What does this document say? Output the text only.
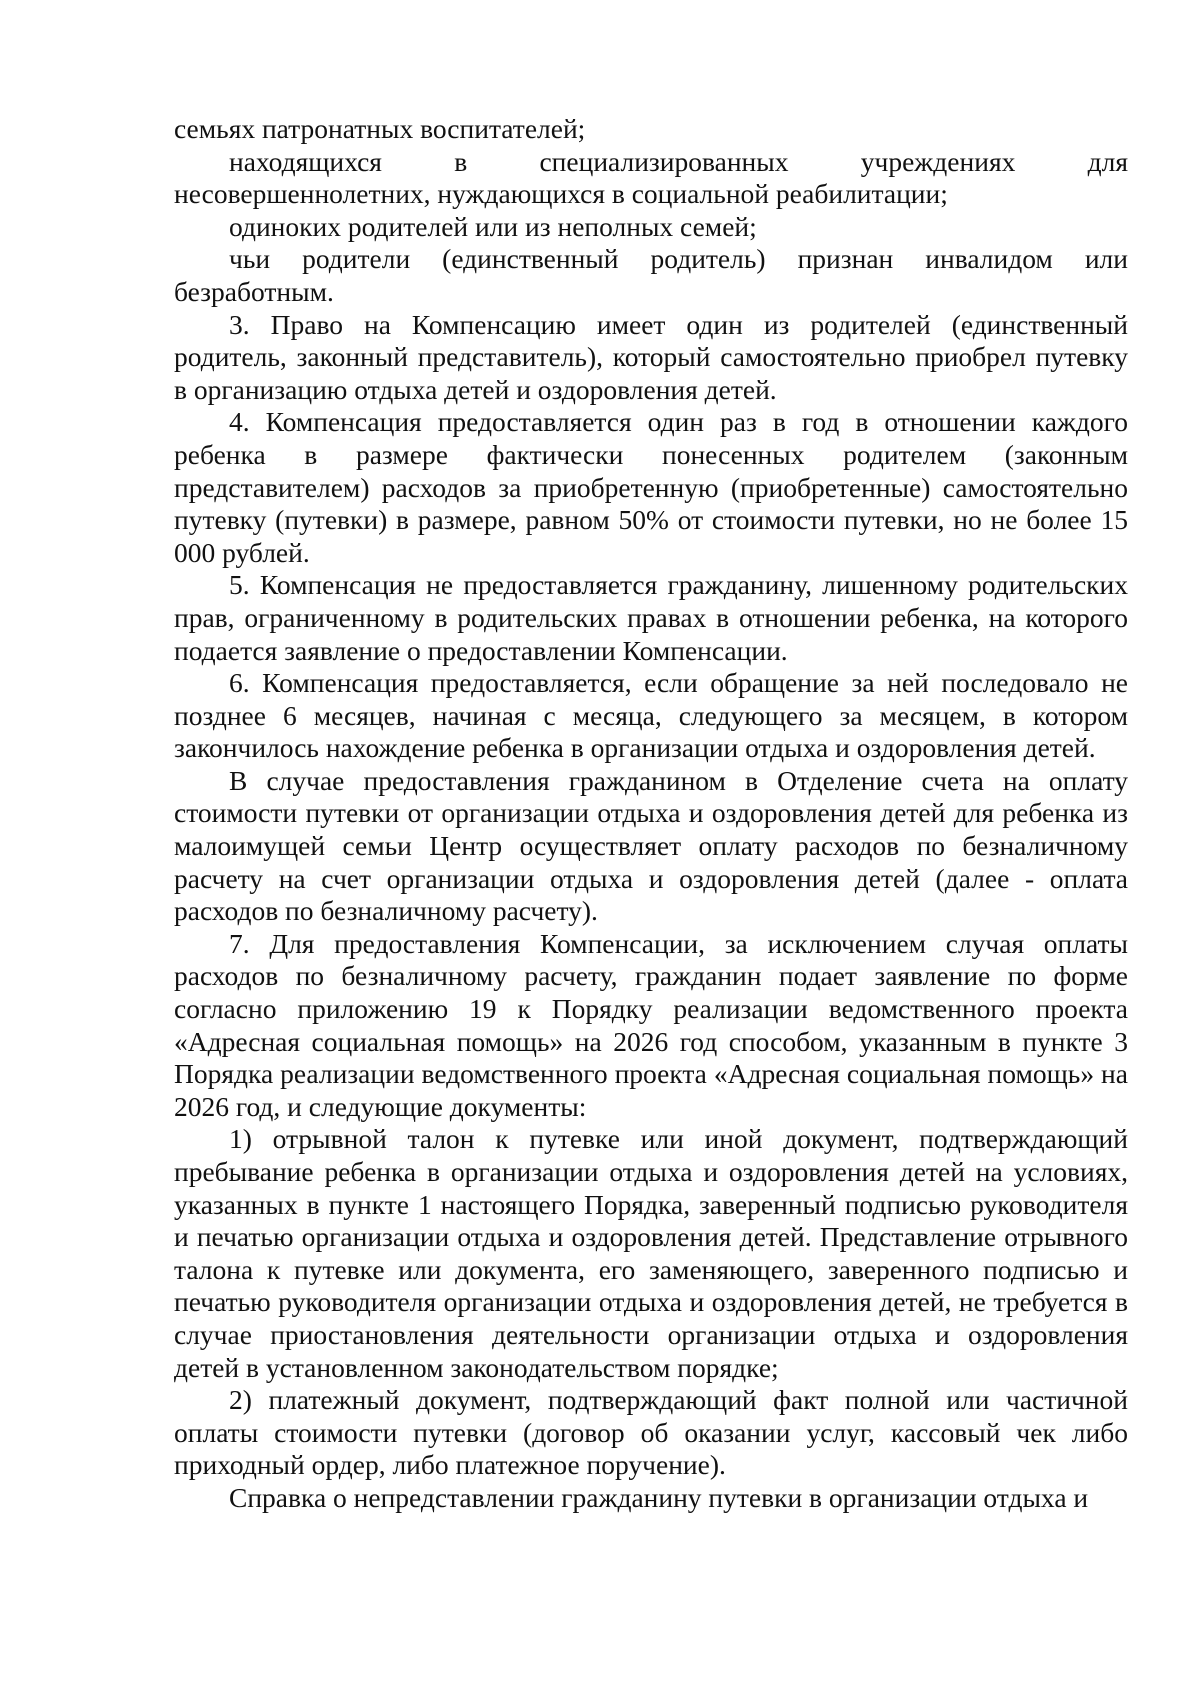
семьях патронатных воспитателей;

находящихся в специализированных учреждениях для несовершеннолетних, нуждающихся в социальной реабилитации;

одиноких родителей или из неполных семей;

чьи родители (единственный родитель) признан инвалидом или безработным.

3. Право на Компенсацию имеет один из родителей (единственный родитель, законный представитель), который самостоятельно приобрел путевку в организацию отдыха детей и оздоровления детей.

4. Компенсация предоставляется один раз в год в отношении каждого ребенка в размере фактически понесенных родителем (законным представителем) расходов за приобретенную (приобретенные) самостоятельно путевку (путевки) в размере, равном 50% от стоимости путевки, но не более 15 000 рублей.

5. Компенсация не предоставляется гражданину, лишенному родительских прав, ограниченному в родительских правах в отношении ребенка, на которого подается заявление о предоставлении Компенсации.

6. Компенсация предоставляется, если обращение за ней последовало не позднее 6 месяцев, начиная с месяца, следующего за месяцем, в котором закончилось нахождение ребенка в организации отдыха и оздоровления детей.

В случае предоставления гражданином в Отделение счета на оплату стоимости путевки от организации отдыха и оздоровления детей для ребенка из малоимущей семьи Центр осуществляет оплату расходов по безналичному расчету на счет организации отдыха и оздоровления детей (далее - оплата расходов по безналичному расчету).

7. Для предоставления Компенсации, за исключением случая оплаты расходов по безналичному расчету, гражданин подает заявление по форме согласно приложению 19 к Порядку реализации ведомственного проекта «Адресная социальная помощь» на 2026 год способом, указанным в пункте 3 Порядка реализации ведомственного проекта «Адресная социальная помощь» на 2026 год, и следующие документы:

1) отрывной талон к путевке или иной документ, подтверждающий пребывание ребенка в организации отдыха и оздоровления детей на условиях, указанных в пункте 1 настоящего Порядка, заверенный подписью руководителя и печатью организации отдыха и оздоровления детей. Представление отрывного талона к путевке или документа, его заменяющего, заверенного подписью и печатью руководителя организации отдыха и оздоровления детей, не требуется в случае приостановления деятельности организации отдыха и оздоровления детей в установленном законодательством порядке;

2) платежный документ, подтверждающий факт полной или частичной оплаты стоимости путевки (договор об оказании услуг, кассовый чек либо приходный ордер, либо платежное поручение).

Справка о непредставлении гражданину путевки в организации отдыха и
